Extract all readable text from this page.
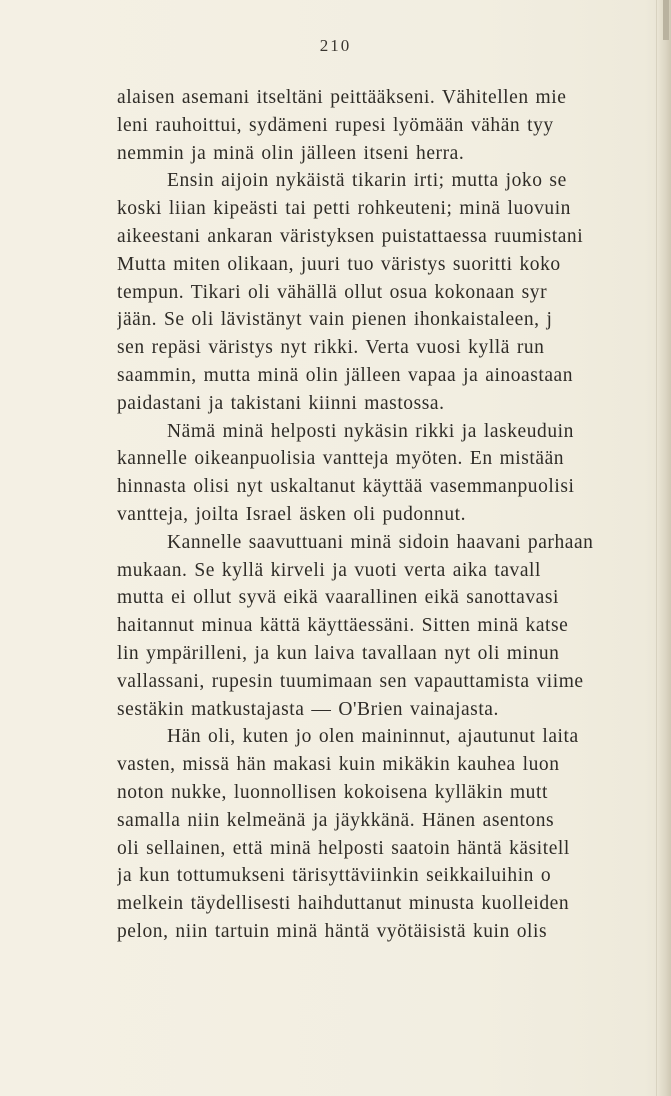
210
alaisen asemani itseltäni peittääkseni. Vähitellen mie
leni rauhoittui, sydämeni rupesi lyömään vähän tyy
nemmin ja minä olin jälleen itseni herra.
Ensin aijoin nykäistä tikarin irti; mutta joko se
koski liian kipeästi tai petti rohkeuteni; minä luovuin
aikeestani ankaran väristyksen puistattaessa ruumistani
Mutta miten olikaan, juuri tuo väristys suoritti koko
tempun. Tikari oli vähällä ollut osua kokonaan syr
jään. Se oli lävistänyt vain pienen ihonkaistaleen, j
sen repäsi väristys nyt rikki. Verta vuosi kyllä run
saammin, mutta minä olin jälleen vapaa ja ainoastaan
paidastani ja takistani kiinni mastossa.
Nämä minä helposti nykäsin rikki ja laskeuduin
kannelle oikeanpuolisia vantteja myöten. En mistään
hinnasta olisi nyt uskaltanut käyttää vasemmanpuolisi
vantteja, joilta Israel äsken oli pudonnut.
Kannelle saavuttuani minä sidoin haavani parhaan
mukaan. Se kyllä kirveli ja vuoti verta aika tavall
mutta ei ollut syvä eikä vaarallinen eikä sanottavasi
haitannut minua kättä käyttäessäni. Sitten minä katse
lin ympärilleni, ja kun laiva tavallaan nyt oli minun
vallassani, rupesin tuumimaan sen vapauttamista viime
sestäkin matkustajasta — O'Brien vainajasta.
Hän oli, kuten jo olen maininnut, ajautunut laita
vasten, missä hän makasi kuin mikäkin kauhea luon
noton nukke, luonnollisen kokoisena kylläkin mutt
samalla niin kelmeänä ja jäykkänä. Hänen asentons
oli sellainen, että minä helposti saatoin häntä käsitell
ja kun tottumukseni tärisyttäviinkin seikkailuihin o
melkein täydellisesti haihduttanut minusta kuolleiden
pelon, niin tartuin minä häntä vyötäisistä kuin olis
